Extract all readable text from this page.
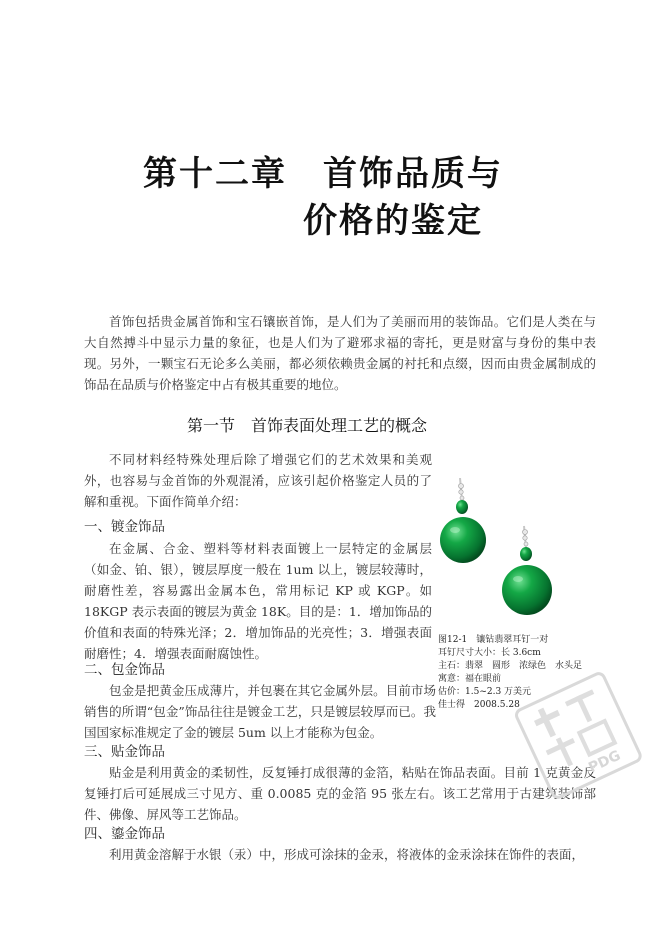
第十二章　首饰品质与
价格的鉴定

首饰包括贵金属首饰和宝石镶嵌首饰，是人们为了美丽而用的装饰品。它们是人类在与大自然搏斗中显示力量的象征，也是人们为了避邪求福的寄托，更是财富与身份的集中表现。另外，一颗宝石无论多么美丽，都必须依赖贵金属的衬托和点缀，因而由贵金属制成的饰品在品质与价格鉴定中占有极其重要的地位。

第一节　首饰表面处理工艺的概念

不同材料经特殊处理后除了增强它们的艺术效果和美观外，也容易与金首饰的外观混淆，应该引起价格鉴定人员的了解和重视。下面作简单介绍：

一、镀金饰品

在金属、合金、塑料等材料表面镀上一层特定的金属层（如金、铂、银），镀层厚度一般在 1um 以上，镀层较薄时，耐磨性差，容易露出金属本色，常用标记 KP 或 KGP。如 18KGP 表示表面的镀层为黄金 18K。目的是：1．增加饰品的价值和表面的特殊光泽；2．增加饰品的光亮性；3．增强表面耐磨性；4．增强表面耐腐蚀性。

二、包金饰品

包金是把黄金压成薄片，并包裹在其它金属外层。目前市场销售的所谓“包金”饰品往往是镀金工艺，只是镀层较厚而已。我国国家标准规定了金的镀层 5um 以上才能称为包金。

三、贴金饰品

贴金是利用黄金的柔韧性，反复锤打成很薄的金箔，粘贴在饰品表面。目前 1 克黄金反复锤打后可延展成三寸见方、重 0.0085 克的金箔 95 张左右。该工艺常用于古建筑装饰部件、佛像、屏风等工艺饰品。

四、鎏金饰品

利用黄金溶解于水银（汞）中，形成可涂抹的金汞，将液体的金汞涂抹在饰件的表面，

图12-1　镶钻翡翠耳钉一对
耳钉尺寸大小：长 3.6cm
主石：翡翠　圆形　浓绿色　水头足
寓意：福在眼前
估价：1.5~2.3 万美元
佳士得　2008.5.28
PDG
